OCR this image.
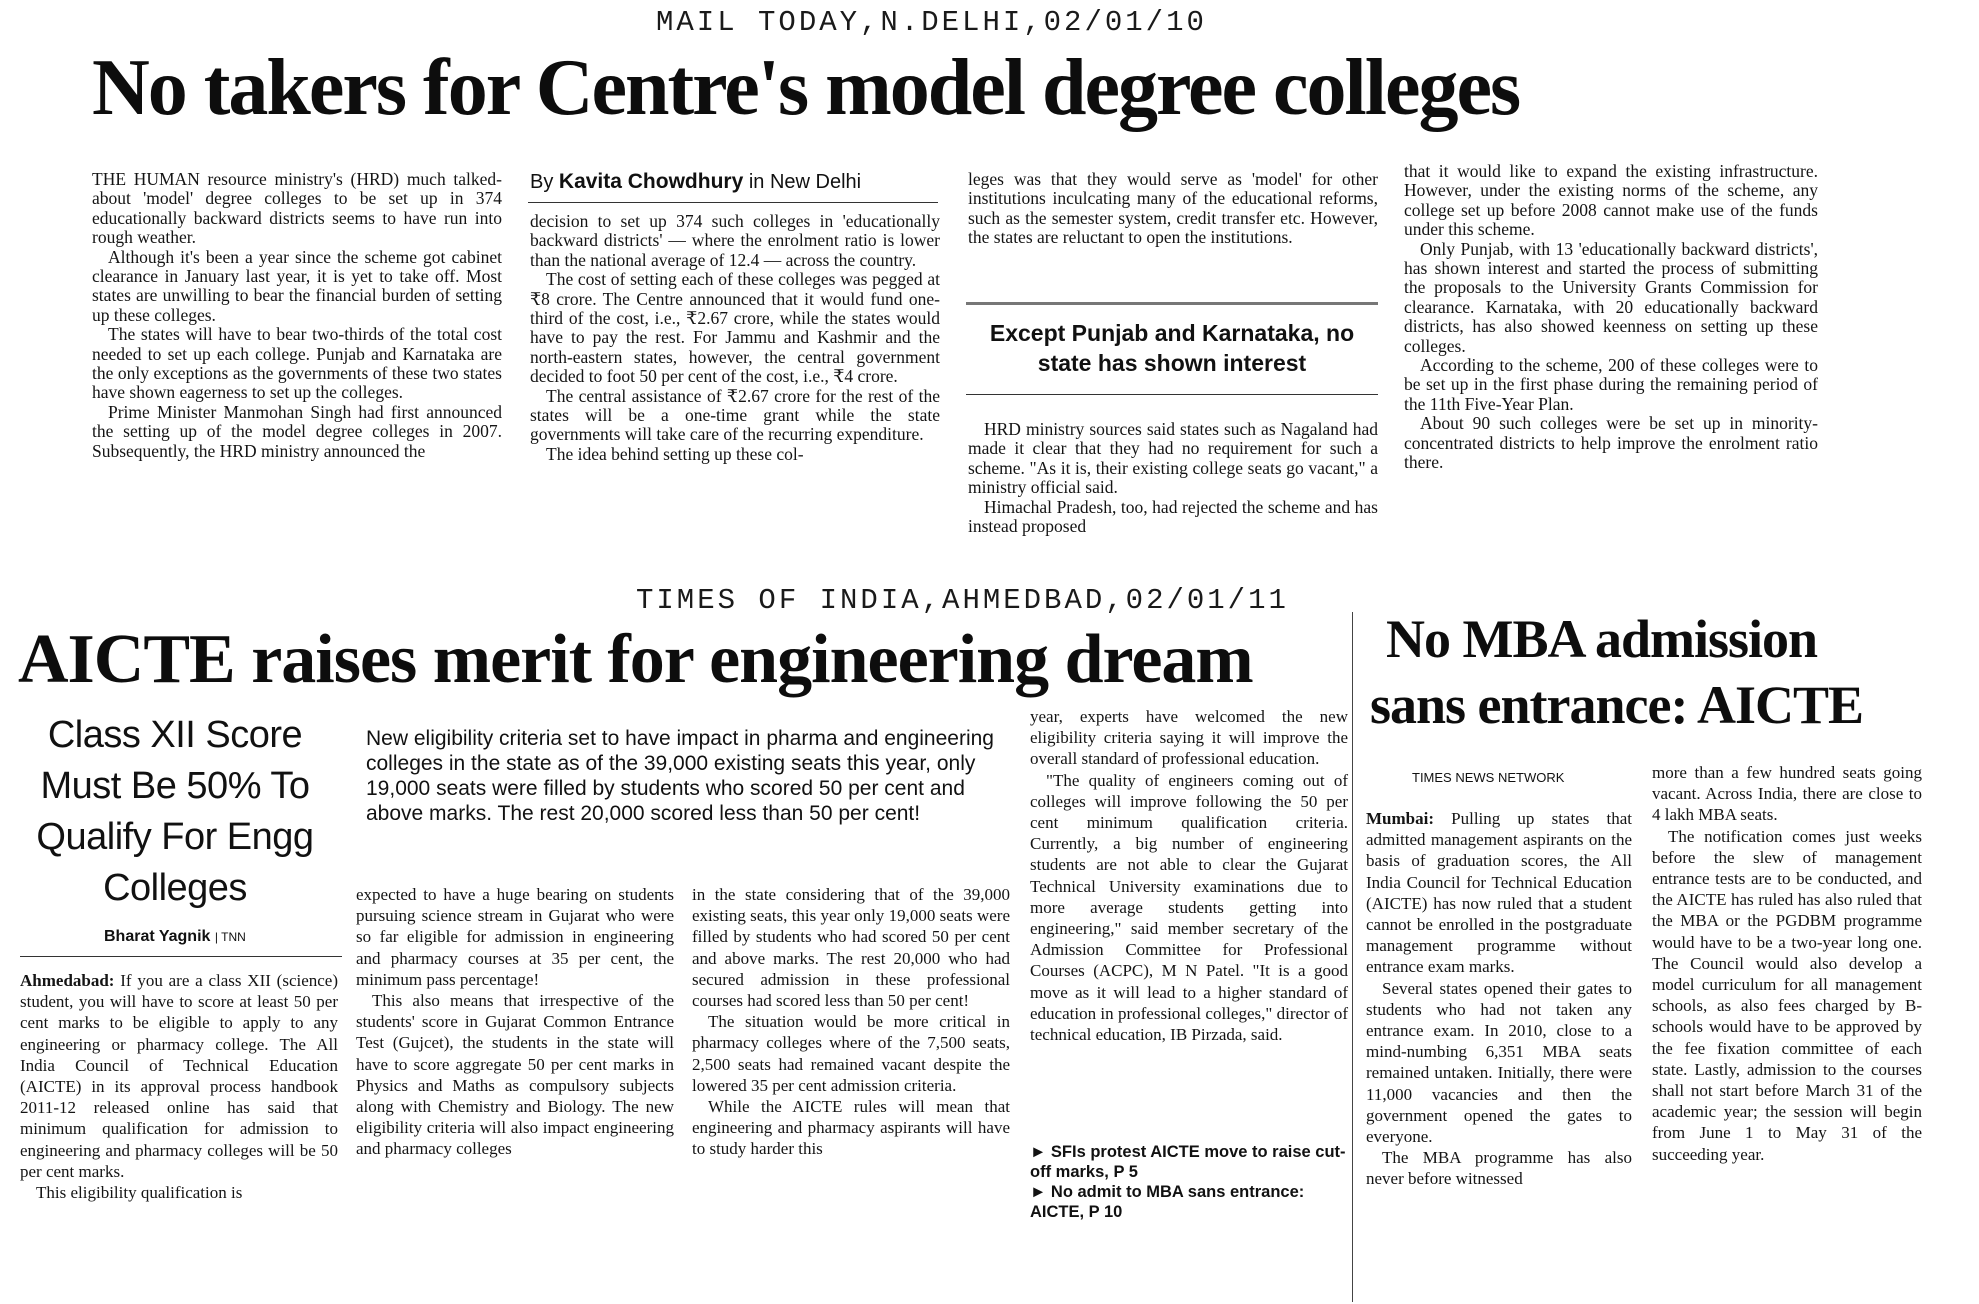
MAIL TODAY,N.DELHI,02/01/10
No takers for Centre's model degree colleges

THE HUMAN resource ministry's (HRD) much talked-about 'model' degree colleges to be set up in 374 educationally backward districts seems to have run into rough weather.

Although it's been a year since the scheme got cabinet clearance in January last year, it is yet to take off. Most states are unwilling to bear the financial burden of setting up these colleges.

The states will have to bear two-thirds of the total cost needed to set up each college. Punjab and Karnataka are the only exceptions as the governments of these two states have shown eagerness to set up the colleges.

Prime Minister Manmohan Singh had first announced the setting up of the model degree colleges in 2007. Subsequently, the HRD ministry announced the

By Kavita Chowdhury in New Delhi

decision to set up 374 such colleges in 'educationally backward districts' — where the enrolment ratio is lower than the national average of 12.4 — across the country.

The cost of setting each of these colleges was pegged at ₹8 crore. The Centre announced that it would fund one-third of the cost, i.e., ₹2.67 crore, while the states would have to pay the rest. For Jammu and Kashmir and the north-eastern states, however, the central government decided to foot 50 per cent of the cost, i.e., ₹4 crore.

The central assistance of ₹2.67 crore for the rest of the states will be a one-time grant while the state governments will take care of the recurring expenditure.

The idea behind setting up these col-

leges was that they would serve as 'model' for other institutions inculcating many of the educational reforms, such as the semester system, credit transfer etc. However, the states are reluctant to open the institutions.

Except Punjab and Karnataka, no state has shown interest

HRD ministry sources said states such as Nagaland had made it clear that they had no requirement for such a scheme. "As it is, their existing college seats go vacant," a ministry official said.

Himachal Pradesh, too, had rejected the scheme and has instead proposed

that it would like to expand the existing infrastructure. However, under the existing norms of the scheme, any college set up before 2008 cannot make use of the funds under this scheme.

Only Punjab, with 13 'educationally backward districts', has shown interest and started the process of submitting the proposals to the University Grants Commission for clearance. Karnataka, with 20 educationally backward districts, has also showed keenness on setting up these colleges.

According to the scheme, 200 of these colleges were to be set up in the first phase during the remaining period of the 11th Five-Year Plan.

About 90 such colleges were be set up in minority-concentrated districts to help improve the enrolment ratio there.

TIMES OF INDIA,AHMEDBAD,02/01/11
AICTE raises merit for engineering dream
Class XII Score Must Be 50% To Qualify For Engg Colleges
Bharat Yagnik | TNN
New eligibility criteria set to have impact in pharma and engineering colleges in the state as of the 39,000 existing seats this year, only 19,000 seats were filled by students who scored 50 per cent and above marks. The rest 20,000 scored less than 50 per cent!

Ahmedabad: If you are a class XII (science) student, you will have to score at least 50 per cent marks to be eligible to apply to any engineering or pharmacy college. The All India Council of Technical Education (AICTE) in its approval process handbook 2011-12 released online has said that minimum qualification for admission to engineering and pharmacy colleges will be 50 per cent marks.

This eligibility qualification is

expected to have a huge bearing on students pursuing science stream in Gujarat who were so far eligible for admission in engineering and pharmacy courses at 35 per cent, the minimum pass percentage!

This also means that irrespective of the students' score in Gujarat Common Entrance Test (Gujcet), the students in the state will have to score aggregate 50 per cent marks in Physics and Maths as compulsory subjects along with Chemistry and Biology. The new eligibility criteria will also impact engineering and pharmacy colleges

in the state considering that of the 39,000 existing seats, this year only 19,000 seats were filled by students who had scored 50 per cent and above marks. The rest 20,000 who had secured admission in these professional courses had scored less than 50 per cent!

The situation would be more critical in pharmacy colleges where of the 7,500 seats, 2,500 seats had remained vacant despite the lowered 35 per cent admission criteria.

While the AICTE rules will mean that engineering and pharmacy aspirants will have to study harder this

year, experts have welcomed the new eligibility criteria saying it will improve the overall standard of professional education.

"The quality of engineers coming out of colleges will improve following the 50 per cent minimum qualification criteria. Currently, a big number of engineering students are not able to clear the Gujarat Technical University examinations due to more average students getting into engineering," said member secretary of the Admission Committee for Professional Courses (ACPC), M N Patel. "It is a good move as it will lead to a higher standard of education in professional colleges," director of technical education, IB Pirzada, said.

► SFIs protest AICTE move to raise cut-off marks, P 5
► No admit to MBA sans entrance: AICTE, P 10
No MBA admission
sans entrance: AICTE
TIMES NEWS NETWORK

Mumbai: Pulling up states that admitted management aspirants on the basis of graduation scores, the All India Council for Technical Education (AICTE) has now ruled that a student cannot be enrolled in the postgraduate management programme without entrance exam marks.

Several states opened their gates to students who had not taken any entrance exam. In 2010, close to a mind-numbing 6,351 MBA seats remained untaken. Initially, there were 11,000 vacancies and then the government opened the gates to everyone.

The MBA programme has also never before witnessed

more than a few hundred seats going vacant. Across India, there are close to 4 lakh MBA seats.

The notification comes just weeks before the slew of management entrance tests are to be conducted, and the AICTE has ruled has also ruled that the MBA or the PGDBM programme would have to be a two-year long one. The Council would also develop a model curriculum for all management schools, as also fees charged by B-schools would have to be approved by the fee fixation committee of each state. Lastly, admission to the courses shall not start before March 31 of the academic year; the session will begin from June 1 to May 31 of the succeeding year.
